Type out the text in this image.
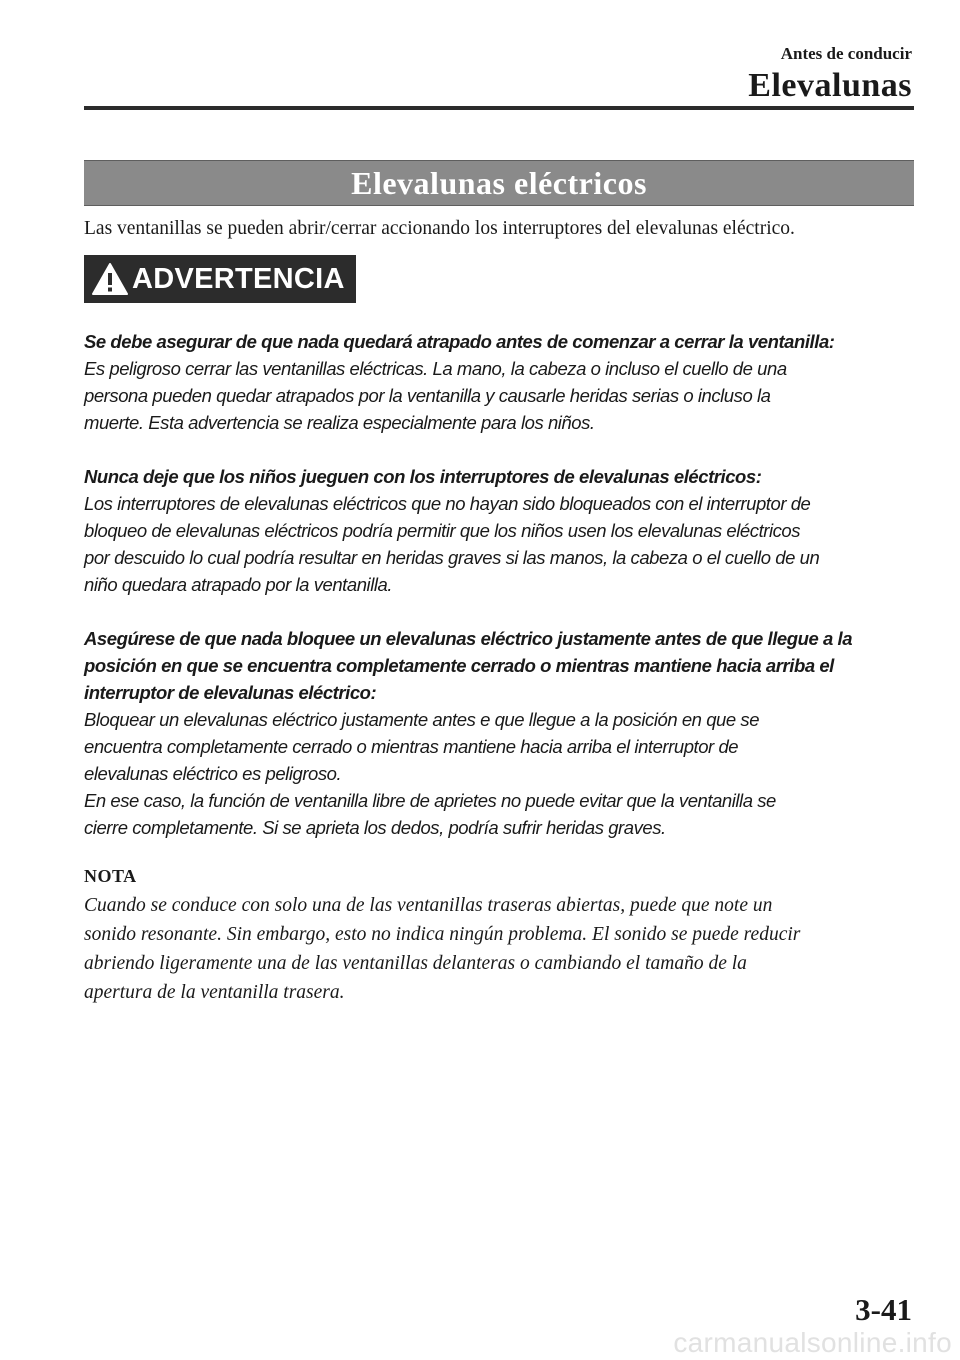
Antes de conducir
Elevalunas
Elevalunas eléctricos
Las ventanillas se pueden abrir/cerrar accionando los interruptores del elevalunas eléctrico.
ADVERTENCIA

Se debe asegurar de que nada quedará atrapado antes de comenzar a cerrar la ventanilla:

Es peligroso cerrar las ventanillas eléctricas. La mano, la cabeza o incluso el cuello de una

persona pueden quedar atrapados por la ventanilla y causarle heridas serias o incluso la

muerte. Esta advertencia se realiza especialmente para los niños.

Nunca deje que los niños jueguen con los interruptores de elevalunas eléctricos:

Los interruptores de elevalunas eléctricos que no hayan sido bloqueados con el interruptor de

bloqueo de elevalunas eléctricos podría permitir que los niños usen los elevalunas eléctricos

por descuido lo cual podría resultar en heridas graves si las manos, la cabeza o el cuello de un

niño quedara atrapado por la ventanilla.

Asegúrese de que nada bloquee un elevalunas eléctrico justamente antes de que llegue a la

posición en que se encuentra completamente cerrado o mientras mantiene hacia arriba el

interruptor de elevalunas eléctrico:

Bloquear un elevalunas eléctrico justamente antes e que llegue a la posición en que se

encuentra completamente cerrado o mientras mantiene hacia arriba el interruptor de

elevalunas eléctrico es peligroso.

En ese caso, la función de ventanilla libre de aprietes no puede evitar que la ventanilla se

cierre completamente. Si se aprieta los dedos, podría sufrir heridas graves.

NOTA

Cuando se conduce con solo una de las ventanillas traseras abiertas, puede que note un

sonido resonante. Sin embargo, esto no indica ningún problema. El sonido se puede reducir

abriendo ligeramente una de las ventanillas delanteras o cambiando el tamaño de la

apertura de la ventanilla trasera.

3-41
carmanualsonline.info
